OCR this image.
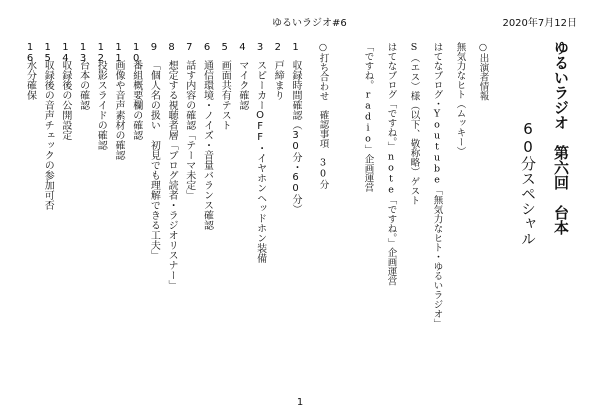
ゆるいラジオ#6	2020年7月12日
ゆるいラジオ　第六回　台本
60分スペシャル
○出演者情報
無気力なヒト（ムッキー）
はてなブログ・Youtube「無気力なヒト・ゆるいラジオ」
S（エス）様（以下、敬称略）ゲスト
はてなブログ「ですね。」note「ですね。」企画運営
「ですね。radio」企画運営
○打ち合わせ　確認事項　30分
1
収録時間確認（30分・60分）
2
戸締まり
3
スピーカーOFF・イヤホンヘッドホン装備
4
マイク確認
5
画面共有テスト
6
通信環境・ノイズ・音量バランス確認
7
話す内容の確認「テーマ未定」
8
想定する視聴者層「ブログ読者・ラジオリスナー」
9
「個人名の扱い　初見でも理解できる工夫」
10
番組概要欄の確認
11
画像や音声素材の確認
12
投影スライドの確認
13
台本の確認
14
収録後の公開設定
15
収録後の音声チェックの参加可否
16
水分確保
1
